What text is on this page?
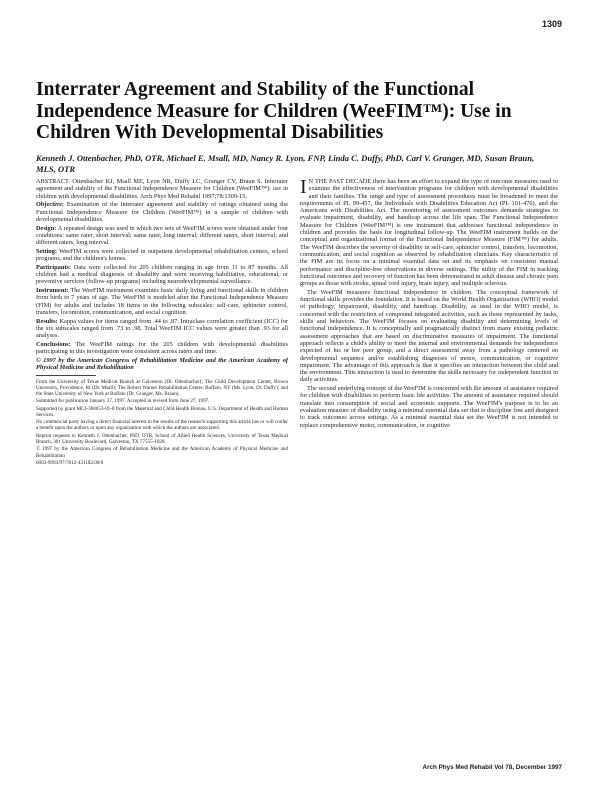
1309
Interrater Agreement and Stability of the Functional Independence Measure for Children (WeeFIM™): Use in Children With Developmental Disabilities
Kenneth J. Ottenbacher, PhD, OTR, Michael E. Msall, MD, Nancy R. Lyon, FNP, Linda C. Duffy, PhD, Carl V. Granger, MD, Susan Braun, MLS, OTR

ABSTRACT. Ottenbacher KJ, Msall ME, Lyon NR, Duffy LC, Granger CV, Braun S. Interrater agreement and stability of the Functional Independence Measure for Children (WeeFIM™): use in children with developmental disabilities. Arch Phys Med Rehabil 1997;78:1309-15.

Objective: Examination of the interrater agreement and stability of ratings obtained using the Functional Independence Measure for Children (WeeFIM™) in a sample of children with developmental disabilities.

Design: A repeated design was used in which two sets of WeeFIM scores were obtained under four conditions: same rater, short interval; same rater, long interval; different raters, short interval; and different raters, long interval.

Setting: WeeFIM scores were collected in outpatient developmental rehabilitation centers, school programs, and the children's homes.

Participants: Data were collected for 205 children ranging in age from 11 to 87 months. All children had a medical diagnosis of disability and were receiving habilitative, educational, or preventive services (follow-up programs) including neurodevelopmental surveillance.

Instrument: The WeeFIM instrument examines basic daily living and functional skills in children from birth to 7 years of age. The WeeFIM is modeled after the Functional Independence Measure (FIM) for adults and includes 18 items in the following subscales: self-care, sphincter control, transfers, locomotion, communication, and social cognition.

Results: Kappa values for items ranged from .44 to .87. Intraclass correlation coefficient (ICC) for the six subscales ranged from .73 to .98. Total WeeFIM ICC values were greater than .93 for all analyses.

Conclusions: The WeeFIM ratings for the 205 children with developmental disabilities participating in this investigation were consistent across raters and time.

© 1997 by the American Congress of Rehabilitation Medicine and the American Academy of Physical Medicine and Rehabilitation

From the University of Texas Medical Branch at Galveston (Dr. Ottenbacher); The Child Development Center, Brown University, Providence, RI (Dr. Msall); The Robert Warner Rehabilitation Center, Buffalo, NY (Ms. Lyon, Dr. Duffy); and the State University of New York at Buffalo (Dr. Granger, Ms. Braun).

Submitted for publication January 27, 1997. Accepted in revised form June 27, 1997.

Supported by grant MCJ-360653-01-0 from the Maternal and Child Health Bureau, U.S. Department of Health and Human Services.

No commercial party having a direct financial interest in the results of the research supporting this article has or will confer a benefit upon the authors or upon any organization with which the authors are associated.

Reprint requests to Kenneth J. Ottenbacher, PhD, OTR, School of Allied Health Sciences, University of Texas Medical Branch, 301 University Boulevard, Galveston, TX 77555-1028.

© 1997 by the American Congress of Rehabilitation Medicine and the American Academy of Physical Medicine and Rehabilitation

0003-9993/97/7812-4311$3.00/0

I N THE PAST DECADE there has been an effort to expand the type of outcome measures used to examine the effectiveness of intervention programs for children with developmental disabilities and their families. The range and type of assessment procedures must be broadened to meet the requirements of PL 99-457, the Individuals with Disabilities Education Act (PL 101-476), and the Americans with Disabilities Act. The monitoring of assessment outcomes demands strategies to evaluate impairment, disability, and handicap across the life span. The Functional Independence Measure for Children (WeeFIM™) is one instrument that addresses functional independence in children and provides the basis for longitudinal follow-up. The WeeFIM instrument builds on the conceptual and organizational format of the Functional Independence Measure (FIM™) for adults. The WeeFIM describes the severity of disability in self-care, sphincter control, transfers, locomotion, communication, and social cognition as observed by rehabilitation clinicians. Key characteristics of the FIM are its focus on a minimal essential data set and its emphasis on consistent manual performance and discipline-free observations in diverse settings. The utility of the FIM in tracking functional outcomes and recovery of function has been demonstrated in adult disease and chronic pain groups as those with stroke, spinal cord injury, brain injury, and multiple sclerosis.

The WeeFIM measures functional independence in children. The conceptual framework of functional skills provides the foundation. It is based on the World Health Organization (WHO) model of pathology, impairment, disability, and handicap. Disability, as used in the WHO model, is concerned with the restriction of compound integrated activities, such as those represented by tasks, skills and behaviors. The WeeFIM focuses on evaluating disability and determining levels of functional independence. It is conceptually and pragmatically distinct from many existing pediatric assessment approaches that are based on discriminative measures of impairment. The functional approach reflects a child's ability to meet the internal and environmental demands for independence expected of his or her peer group, and a direct assessment away from a pathology centered on developmental sequence and/or establishing diagnoses of motor, communication, or cognitive impairment. The advantage of this approach is that it specifies an interaction between the child and the environment. This interaction is used to determine the skills necessary for independent function in daily activities.

The second underlying concept of the WeeFIM is concerned with the amount of assistance required for children with disabilities to perform basic life activities. The amount of assistance required should translate into consumption of social and economic supports. The WeeFIM's purpose is to be an evaluation measure of disability using a minimal essential data set that is discipline free and designed to track outcomes across settings. As a minimal essential data set the WeeFIM is not intended to replace comprehensive motor, communication, or cognitive

Arch Phys Med Rehabil Vol 78, December 1997
